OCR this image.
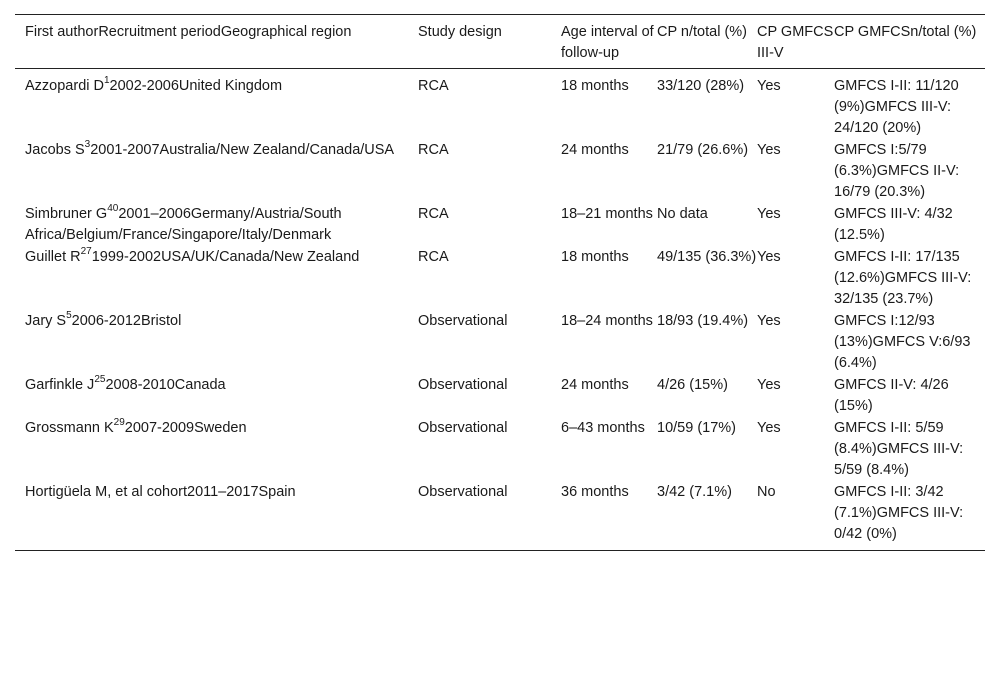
First authorRecruitment periodGeographical region	Study design	Age interval of follow-up	CP n/total (%)	CP GMFCS III-V	CP GMFCSn/total (%)
Azzopardi $D^12002-2006United$ Kingdom	RCA	18 months	33/120 (28%)	Yes	GMFCS I-II: 11/120 (9%)GMFCS III-V: 24/120 (20%)
Jacobs $S^32001-2007Australia$/New Zealand/Canada/USA	RCA	24 months	21/79 (26.6%)	Yes	GMFCS I:5/79 (6.3%)GMFCS II-V: 16/79 (20.3%)
Simbruner $G^{40}2001-2006Germany/Austria$/South Africa/Belgium/France/Singapore/Italy/Denmark	RCA	18–21 months	No data	Yes	GMFCS III-V: 4/32 (12.5%)
Guillet $R^{27}1999-2002USA/UK/Canada$/New Zealand	RCA	18 months	49/135 (36.3%)	Yes	GMFCS I-II: 17/135 (12.6%)GMFCS III-V: 32/135 (23.7%)
Jary $S^52006-2012Bristol$	Observational	18–24 months	18/93 (19.4%)	Yes	GMFCS I:12/93 (13%)GMFCS V:6/93 (6.4%)
Garfinkle $J^{25}2008-2010Canada$	Observational	24 months	4/26 (15%)	Yes	GMFCS II-V: 4/26 (15%)
Grossmann $K^{29}2007-2009Sweden$	Observational	6–43 months	10/59 (17%)	Yes	GMFCS I-II: 5/59 (8.4%)GMFCS III-V: 5/59 (8.4%)
Hortigüela M, et al cohort2011–2017Spain	Observational	36 months	3/42 (7.1%)	No	GMFCS I-II: 3/42 (7.1%)GMFCS III-V: 0/42 (0%)
